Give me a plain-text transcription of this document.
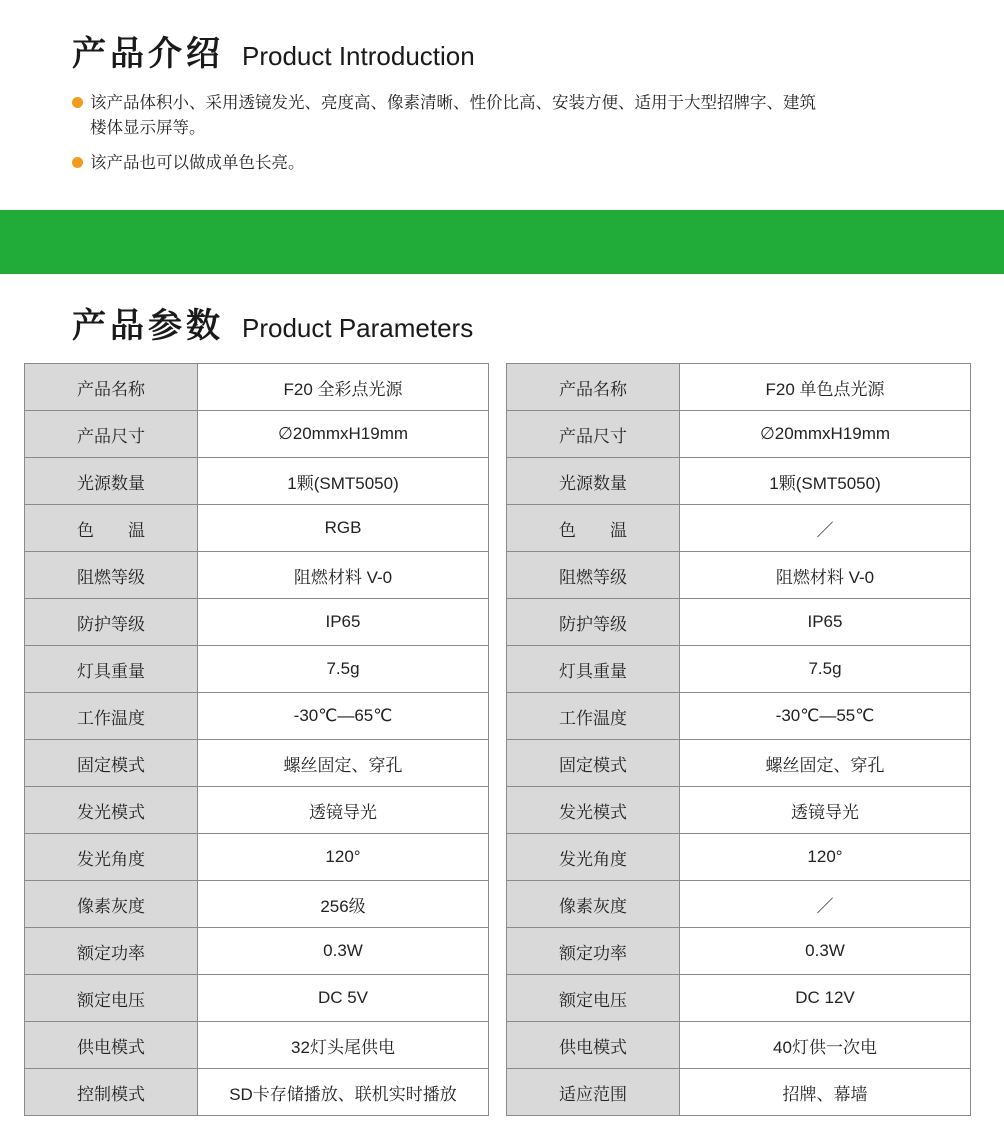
产品介绍 Product Introduction
该产品体积小、采用透镜发光、亮度高、像素清晰、性价比高、安装方便、适用于大型招牌字、建筑楼体显示屏等。
该产品也可以做成单色长亮。
产品参数 Product Parameters
产品名称	F20 全彩点光源
产品尺寸	∅20mmxH19mm
光源数量	1颗(SMT5050)
色　　温	RGB
阻燃等级	阻燃材料 V-0
防护等级	IP65
灯具重量	7.5g
工作温度	-30℃—65℃
固定模式	螺丝固定、穿孔
发光模式	透镜导光
发光角度	120°
像素灰度	256级
额定功率	0.3W
额定电压	DC 5V
供电模式	32灯头尾供电
控制模式	SD卡存储播放、联机实时播放
产品名称	F20 单色点光源
产品尺寸	∅20mmxH19mm
光源数量	1颗(SMT5050)
色　　温	／
阻燃等级	阻燃材料 V-0
防护等级	IP65
灯具重量	7.5g
工作温度	-30℃—55℃
固定模式	螺丝固定、穿孔
发光模式	透镜导光
发光角度	120°
像素灰度	／
额定功率	0.3W
额定电压	DC 12V
供电模式	40灯供一次电
适应范围	招牌、幕墙
